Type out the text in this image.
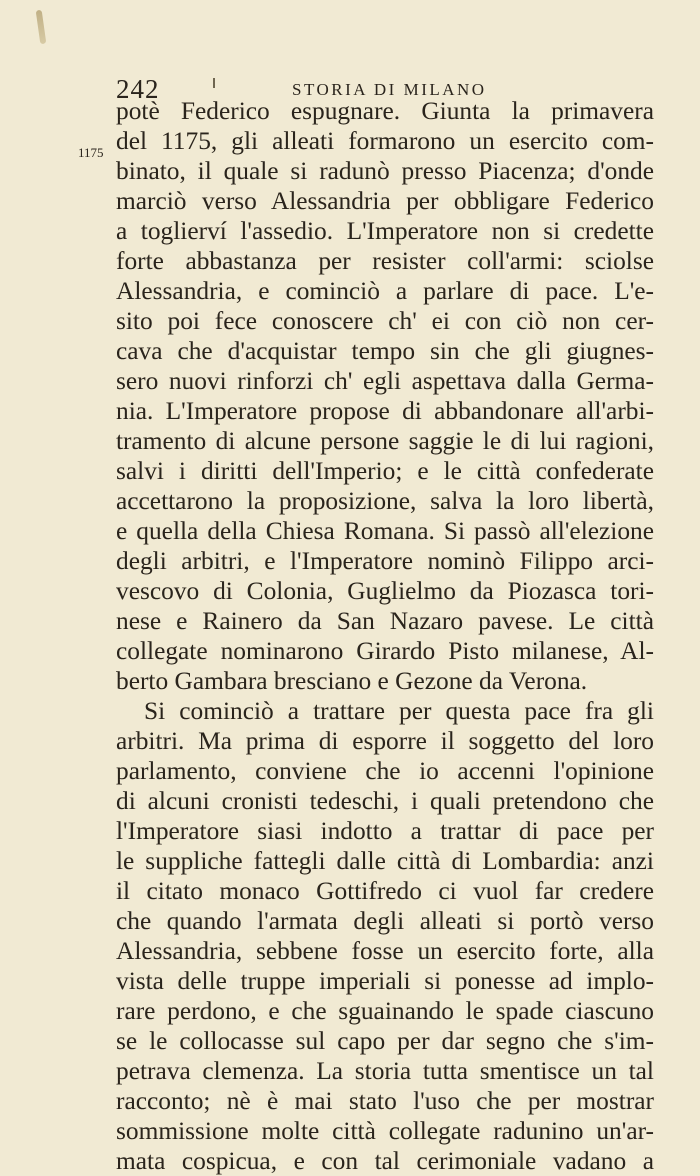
242	STORIA DI MILANO
1175
potè Federico espugnare. Giunta la primavera
del 1175, gli alleati formarono un esercito com-
binato, il quale si radunò presso Piacenza; d'onde
marciò verso Alessandria per obbligare Federico
a toglierví l'assedio. L'Imperatore non si credette
forte abbastanza per resister coll'armi: sciolse
Alessandria, e cominciò a parlare di pace. L'e-
sito poi fece conoscere ch' ei con ciò non cer-
cava che d'acquistar tempo sin che gli giugnes-
sero nuovi rinforzi ch' egli aspettava dalla Germa-
nia. L'Imperatore propose di abbandonare all'arbi-
tramento di alcune persone saggie le di lui ragioni,
salvi i diritti dell'Imperio; e le città confederate
accettarono la proposizione, salva la loro libertà,
e quella della Chiesa Romana. Si passò all'elezione
degli arbitri, e l'Imperatore nominò Filippo arci-
vescovo di Colonia, Guglielmo da Piozasca tori-
nese e Rainero da San Nazaro pavese. Le città
collegate nominarono Girardo Pisto milanese, Al-
berto Gambara bresciano e Gezone da Verona.
Si cominciò a trattare per questa pace fra gli
arbitri. Ma prima di esporre il soggetto del loro
parlamento, conviene che io accenni l'opinione
di alcuni cronisti tedeschi, i quali pretendono che
l'Imperatore siasi indotto a trattar di pace per
le suppliche fattegli dalle città di Lombardia: anzi
il citato monaco Gottifredo ci vuol far credere
che quando l'armata degli alleati si portò verso
Alessandria, sebbene fosse un esercito forte, alla
vista delle truppe imperiali si ponesse ad implo-
rare perdono, e che sguainando le spade ciascuno
se le collocasse sul capo per dar segno che s'im-
petrava clemenza. La storia tutta smentisce un tal
racconto; nè è mai stato l'uso che per mostrar
sommissione molte città collegate radunino un'ar-
mata cospicua, e con tal cerimoniale vadano a
